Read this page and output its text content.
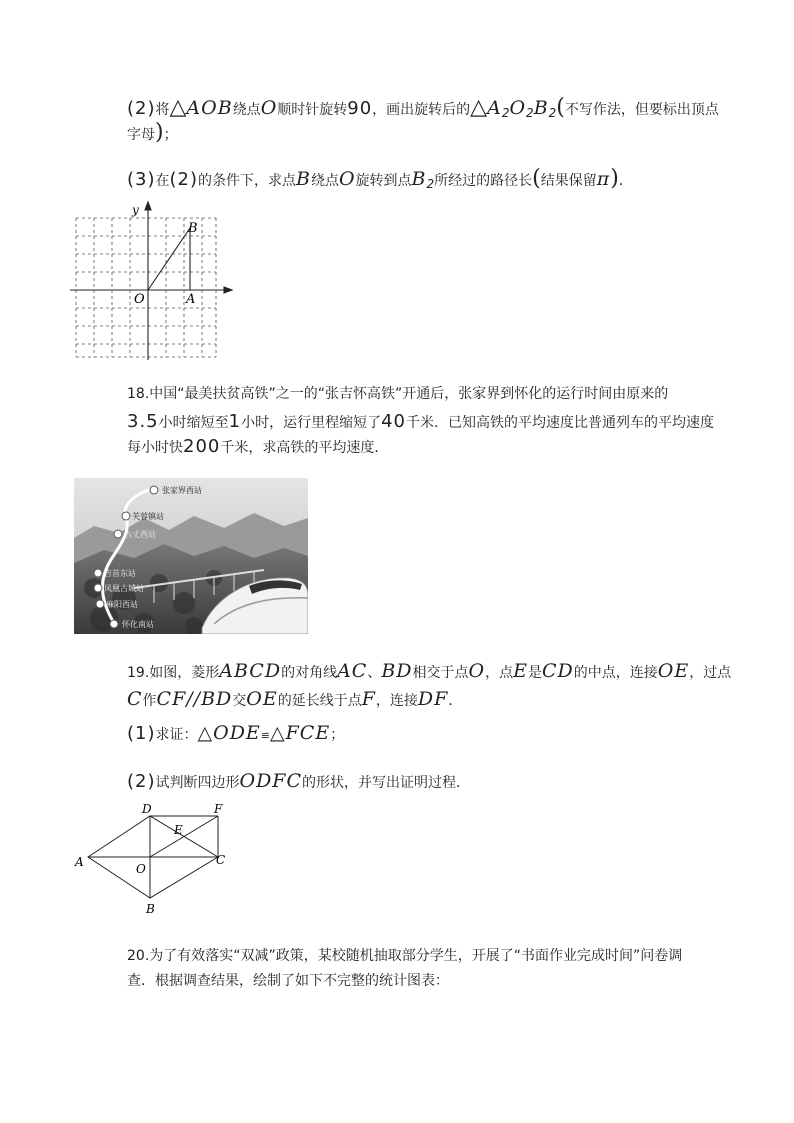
(2)将△AOB绕点O顺时针旋转90，画出旋转后的△A2O2B2(不写作法，但要标出顶点
字母)；
(3)在(2)的条件下，求点B绕点O旋转到点B2所经过的路径长(结果保留π)．
y
B
O	A
18.中国“最美扶贫高铁”之一的“张吉怀高铁”开通后，张家界到怀化的运行时间由原来的
3.5小时缩短至1小时，运行里程缩短了40千米．已知高铁的平均速度比普通列车的平均速度
每小时快200千米，求高铁的平均速度．
张家界西站
芙蓉镇站
古丈西站
吉首东站
凤凰古城站
麻阳西站
怀化南站
19.如图，菱形ABCD的对角线AC、BD相交于点O，点E是CD的中点，连接OE，过点
C作CF//BD交OE的延长线于点F，连接DF．
(1)求证：△ODE≌△FCE；
(2)试判断四边形ODFC的形状，并写出证明过程．
D	F
E
A	O
C
B
20.为了有效落实“双减”政策，某校随机抽取部分学生，开展了“书面作业完成时间”问卷调
查．根据调查结果，绘制了如下不完整的统计图表：
